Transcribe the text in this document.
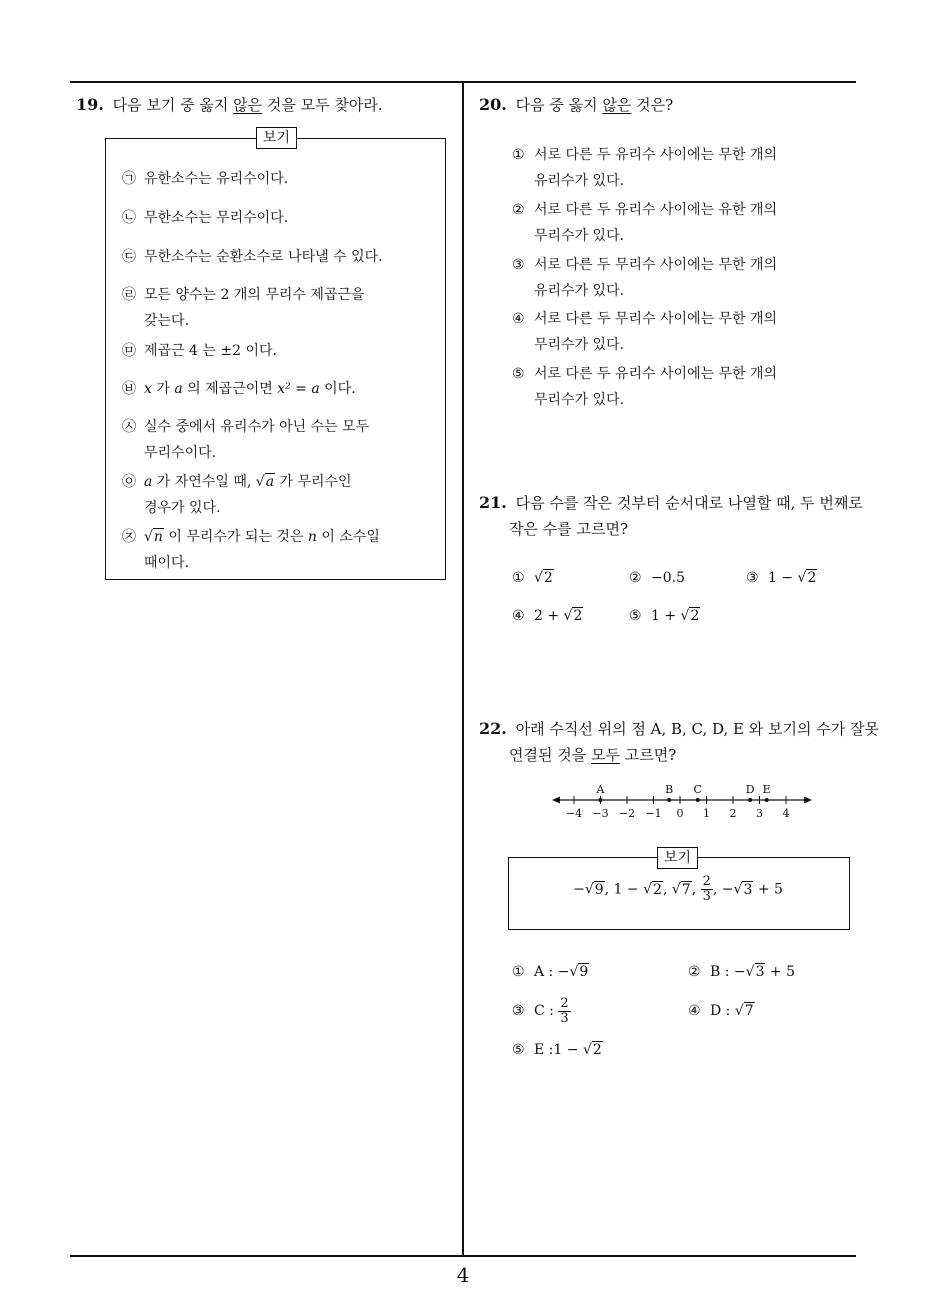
19. 다음 보기 중 옳지 않은 것을 모두 찾아라.
보기
㉠ 유한소수는 유리수이다.
㉡ 무한소수는 무리수이다.
㉢ 무한소수는 순환소수로 나타낼 수 있다.
㉣ 모든 양수는 2 개의 무리수 제곱근을
갖는다.
㉤ 제곱근 4 는 ±2 이다.
㉥ x 가 a 의 제곱근이면 x² = a 이다.
㉦ 실수 중에서 유리수가 아닌 수는 모두
무리수이다.
㉧ a 가 자연수일 때, √a 가 무리수인
경우가 있다.
㉨ √n 이 무리수가 되는 것은 n 이 소수일
때이다.
20. 다음 중 옳지 않은 것은?
① 서로 다른 두 유리수 사이에는 무한 개의
유리수가 있다.
② 서로 다른 두 유리수 사이에는 유한 개의
무리수가 있다.
③ 서로 다른 두 무리수 사이에는 무한 개의
유리수가 있다.
④ 서로 다른 두 무리수 사이에는 무한 개의
무리수가 있다.
⑤ 서로 다른 두 유리수 사이에는 무한 개의
무리수가 있다.
21. 다음 수를 작은 것부터 순서대로 나열할 때, 두 번째로
작은 수를 고르면?
① √2	② −0.5	③ 1 − √2
④ 2 + √2	⑤ 1 + √2
22. 아래 수직선 위의 점 A, B, C, D, E 와 보기의 수가 잘못
연결된 것을 모두 고르면?
−4 −3 −2 −1 0 1 2 3 4
A	B C	D E
보기
−√9, 1 − √2, √7, $\frac{2}{3}$ , −√3 + 5
① A : −√9	② B : −√3 + 5
③ C : $\frac{2}{3}$	④ D : √7
⑤ E :1 − √2
4
